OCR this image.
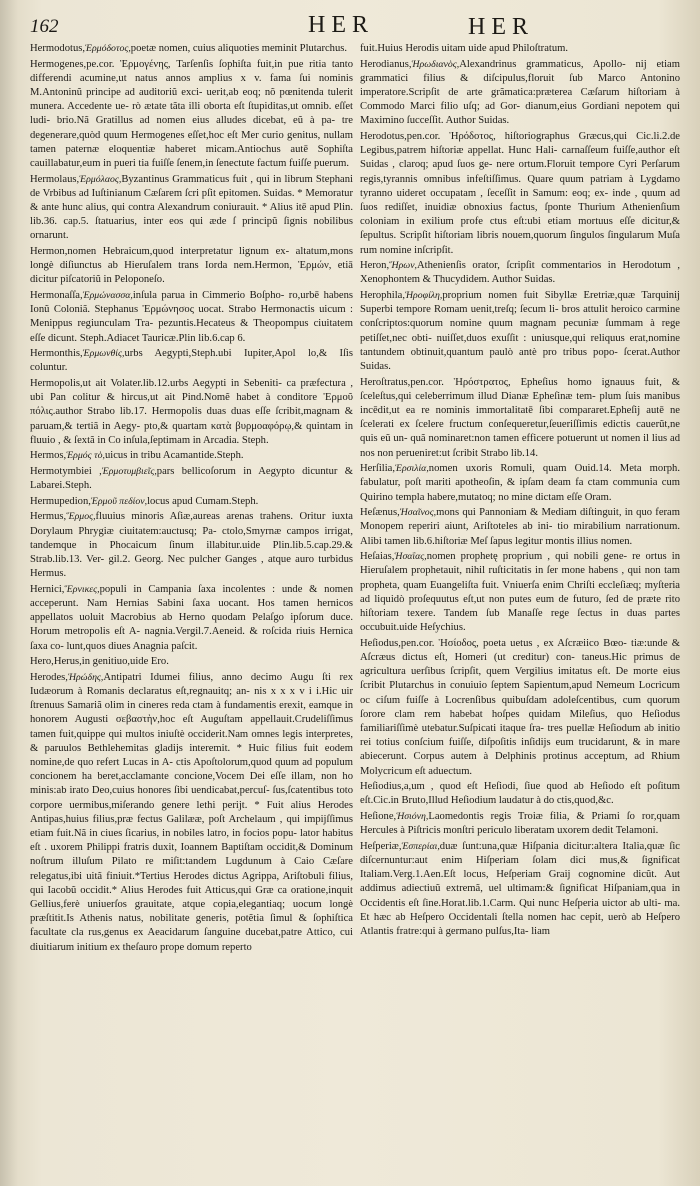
162	HER	HER

Hermodotus,Ἑρμόδοτος,poetæ nomen, cuius aliquoties meminit Plutarchus.

Hermogenes,pe.cor. Ἑρμογένης, Tarſenſis ſophiſta fuit,in pue ritia tanto differendi acumine,ut natus annos amplius x v. fama ſui nominis M.Antoninũ principe ad auditoriũ exci- uerit,ab eoq; nõ pœnitenda tulerit munera. Accedente ue- rò ætate tãta illi oborta eſt ſtupiditas,ut omnib. eſſet ludi- brio.Nã Gratillus ad nomen eius alludes dicebat, eũ à pa- tre degenerare,quòd quum Hermogenes eſſet,hoc eſt Mer curio genitus, nullam tamen paternæ eloquentiæ haberet micam.Antiochus autē Sophiſta cauillabatur,eum in pueri tia fuiſſe ſenem,in ſenectute factum fuiſſe puerum.

Hermolaus,Ἑρμόλαος,Byzantinus Grammaticus fuit , qui in librum Stephani de Vrbibus ad Iuſtinianum Cæſarem ſcri pſit epitomen. Suidas. * Memoratur & ante hunc alius, qui contra Alexandrum coniurauit. * Alius itē apud Plin. lib.36. cap.5. ſtatuarius, inter eos qui æde ſ principũ ſignis nobilibus ornarunt.

Hermon,nomen Hebraicum,quod interpretatur lignum ex- altatum,mons longè diſiunctus ab Hieruſalem trans Iorda nem.Hermon, Ἑρμών, etiā dicitur piſcatoriũ in Peloponeſo.

Hermonaſſa,Ἑρμώνασσα,inſula parua in Cimmerio Boſpho- ro,urbē habens Ionũ Coloniã. Stephanus Ἑρμώνησος uocat. Strabo Hermonactis uicum : Menippus regiunculam Tra- pezuntis.Hecateus & Theopompus ciuitatem eſſe dicunt. Steph.Adiacet Tauricæ.Plin lib.6.cap 6.

Hermonthis,Ἑρμωνθίς,urbs Aegypti,Steph.ubi Iupiter,Apol lo,& Iſis coluntur.

Hermopolis,ut ait Volater.lib.12.urbs Aegypti in Sebeniti- ca præfectura , ubi Pan colitur & hircus,ut ait Pind.Nomẽ habet à conditore Ἑρμοῦ πόλις.author Strabo lib.17. Hermopolis duas duas eſſe ſcribit,magnam & paruam,& tertiã in Aegy- pto,& quartam κατὰ βυρμοαφόρῳ,& quintam in fluuio , & ſextã in Co inſula,ſeptimam in Arcadia. Steph.

Hermos,Ἑρμός τὸ,uicus in tribu Acamantide.Steph.

Hermotymbiei ,Ἑρμοτυμβιεῖς,pars bellicoſorum in Aegypto dicuntur & Labarei.Steph.

Hermupedion,Ἑρμοῦ πεδίον,locus apud Cumam.Steph.

Hermus,Ἕρμος,fluuius minoris Aſiæ,aureas arenas trahens. Oritur iuxta Dorylaum Phrygiæ ciuitatem:auctusq; Pa- ctolo,Smyrnæ campos irrigat, tandemque in Phocaicum ſinum illabitur.uide Plin.lib.5.cap.29.& Strab.lib.13. Ver- gil.2. Georg. Nec pulcher Ganges , atque auro turbidus Hermus.

Hernici,Ἕρνικες,populi in Campania ſaxa incolentes : unde & nomen acceperunt. Nam Hernias Sabini ſaxa uocant. Hos tamen hernicos appellatos uoluit Macrobius ab Herno quodam Pelaſgo ipſorum duce. Horum metropolis eſt A- nagnia.Vergil.7.Aeneid. & roſcida riuis Hernica ſaxa co- lunt,quos diues Anagnia paſcit.

Hero,Herus,in genitiuo,uide Ero.

Herodes,Ἡρώδης,Antipatri Idumei filius, anno decimo Augu ſti rex Iudæorum à Romanis declaratus eſt,regnauitq; an- nis x x x v i i.Hic uir ſtrenuus Samariã olim in cineres reda ctam à fundamentis erexit, eamque in honorem Augusti σεβαστὴν,hoc eſt Auguſtam appellauit.Crudeliſſimus tamen fuit,quippe qui multos iniuſtè occiderit.Nam omnes legis interpretes, & paruulos Bethlehemitas gladijs interemit. * Huic filius fuit eodem nomine,de quo refert Lucas in A- ctis Apoſtolorum,quod quum ad populum concionem ha beret,acclamante concione,Vocem Dei eſſe illam, non ho minis:ab irato Deo,cuius honores ſibi uendicabat,percuſ- ſus,ſcatentibus toto corpore uermibus,miſerando genere lethi perijt. * Fuit alius Herodes Antipas,huius filius,præ fectus Galilææ, poſt Archelaum , qui impijſſimus etiam fuit.Nã in ciues ſicarius, in nobiles latro, in focios popu- lator habitus eſt . uxorem Philippi fratris duxit, Ioannem Baptiſtam occidit,& Dominum noſtrum illuſum Pilato re miſit:tandem Lugdunum à Caio Cæſare relegatus,ibi uitã finiuit.*Tertius Herodes dictus Agrippa, Ariſtobuli filius, qui Iacobũ occidit.* Alius Herodes fuit Atticus,qui Græ ca oratione,inquit Gellius,ferè uniuerſos grauitate, atque copia,elegantiaq; uocum longè præſtitit.Is Athenis natus, nobilitate generis, potẽtia ſimul & ſophiſtica facultate cla rus,genus ex Aeacidarum ſanguine ducebat,patre Attico, cui diuitiarum initium ex theſauro prope domum reperto

fuit.Huius Herodis uitam uide apud Philoſtratum.

Herodianus,Ἡρωδιανὸς,Alexandrinus grammaticus, Apollo- nij etiam grammatici filius & diſcipulus,floruit ſub Marco Antonino imperatore.Scripſit de arte grãmatica:præterea Cæſarum hiſtoriam à Commodo Marci filio uſq; ad Gor- dianum,eius Gordiani nepotem qui Maximino ſucceſſit. Author Suidas.

Herodotus,pen.cor. Ἡρόδοτος, hiſtoriographus Græcus,qui Cic.li.2.de Legibus,patrem hiſtoriæ appellat. Hunc Hali- carnaſſeum fuiſſe,author eſt Suidas , claroq; apud ſuos ge- nere ortum.Floruit tempore Cyri Perſarum regis,tyrannis omnibus infeſtiſſimus. Quare quum patriam à Lygdamo tyranno uideret occupatam , ſeceſſit in Samum: eoq; ex- inde , quum ad ſuos rediſſet, inuidiæ obnoxius factus, ſponte Thurium Athenienſium coloniam in exilium profe ctus eſt:ubi etiam mortuus eſſe dicitur,& ſepultus. Scripſit hiſtoriam libris nouem,quorum ſingulos ſingularum Muſa rum nomine inſcripſit.

Heron,Ἥρων,Athenienſis orator, ſcripſit commentarios in Herodotum , Xenophontem & Thucydidem. Author Suidas.

Herophila,Ἡροφίλη,proprium nomen fuit Sibyllæ Eretriæ,quæ Tarquinij Superbi tempore Romam uenit,treſq; ſecum li- bros attulit heroico carmine conſcriptos:quorum nomine quum magnam pecuniæ ſummam à rege petiſſet,nec obti- nuiſſet,duos exuſſit : uniusque,qui reliquus erat,nomine tantundem obtinuit,quantum paulò antè pro tribus popo- ſcerat.Author Suidas.

Heroſtratus,pen.cor. Ἡρόστρατος, Epheſius homo ignauus fuit, & ſceleſtus,qui celeberrimum illud Dianæ Epheſinæ tem- plum ſuis manibus incēdit,ut ea re nominis immortalitatē ſibi compararet.Epheſij autē ne ſcelerati ex ſcelere fructum conſequeretur,ſeueriſſimis edictis cauerũt,ne quis eũ un- quã nominaret:non tamen efficere potuerunt ut nomen il lius ad nos non perueniret:ut ſcribit Strabo lib.14.

Herſilia,Ἑρσιλία,nomen uxoris Romuli, quam Ouid.14. Meta morph. fabulatur, poſt mariti apotheoſin, & ipſam deam fa ctam communia cum Quirino templa habere,mutatoq; no mine dictam eſſe Oram.

Heſænus,Ἠσαῖνος,mons qui Pannoniam & Mediam diſtinguit, in quo feram Monopem reperiri aiunt, Ariſtoteles ab ini- tio mirabilium narrationum. Alibi tamen lib.6.hiſtoriæ Meſ ſapus legitur montis illius nomen.

Heſaias,Ἡσαΐας,nomen prophetę proprium , qui nobili gene- re ortus in Hieruſalem prophetauit, nihil ruſticitatis in ſer mone habens , qui non tam propheta, quam Euangeliſta fuit. Vniuerſa enim Chriſti eccleſiæq; myſteria ad liquidò proſequutus eſt,ut non putes eum de futuro, ſed de præte rito hiſtoriam texere. Tandem ſub Manaſſe rege ſectus in duas partes occubuit.uide Heſychius.

Heſiodus,pen.cor. Ἡσίοδος, poeta uetus , ex Aſcræiico Bœo- tiæ:unde & Aſcræus dictus eſt, Homeri (ut creditur) con- taneus.Hic primus de agricultura uerſibus ſcripſit, quem Vergilius imitatus eſt. De morte eius ſcribit Plutarchus in conuiuio ſeptem Sapientum,apud Nemeum Locricum oc ciſum fuiſſe à Locrenſibus quibuſdam adoleſcentibus, cum quorum ſorore clam rem habebat hoſpes quidam Mileſius, quo Heſiodus familiariſſimè utebatur.Suſpicati itaque ſra- tres puellæ Heſiodum ab initio rei totius conſcium fuiſſe, diſpoſitis inſidijs eum trucidarunt, & in mare abiecerunt. Corpus autem à Delphinis protinus acceptum, ad Rhium Molycricum eſt aduectum.

Heſiodius,a,um , quod eſt Heſiodi, ſiue quod ab Heſiodo eſt poſitum eſt.Cic.in Bruto,Illud Heſiodium laudatur à do ctis,quod,&c.

Heſione,Ἡσιόνη,Laomedontis regis Troiæ filia, & Priami ſo ror,quam Hercules à Piſtricis monſtri periculo liberatam uxorem dedit Telamoni.

Heſperiæ,Ἑσπερίαι,duæ ſunt:una,quæ Hiſpania dicitur:altera Italia,quæ ſic diſcernuntur:aut enim Hiſperiam ſolam dici mus,& ſignificat Italiam.Verg.1.Aen.Eſt locus, Heſperiam Graij cognomine dicũt. Aut addimus adiectiuũ extremã, uel ultimam:& ſignificat Hiſpaniam,qua in Occidentis eſt ſine.Horat.lib.1.Carm. Qui nunc Heſperia uictor ab ulti- ma. Et hæc ab Heſpero Occidentali ſtella nomen hac cepit, uerò ab Heſpero Atlantis fratre:qui à germano pulſus,Ita- liam
